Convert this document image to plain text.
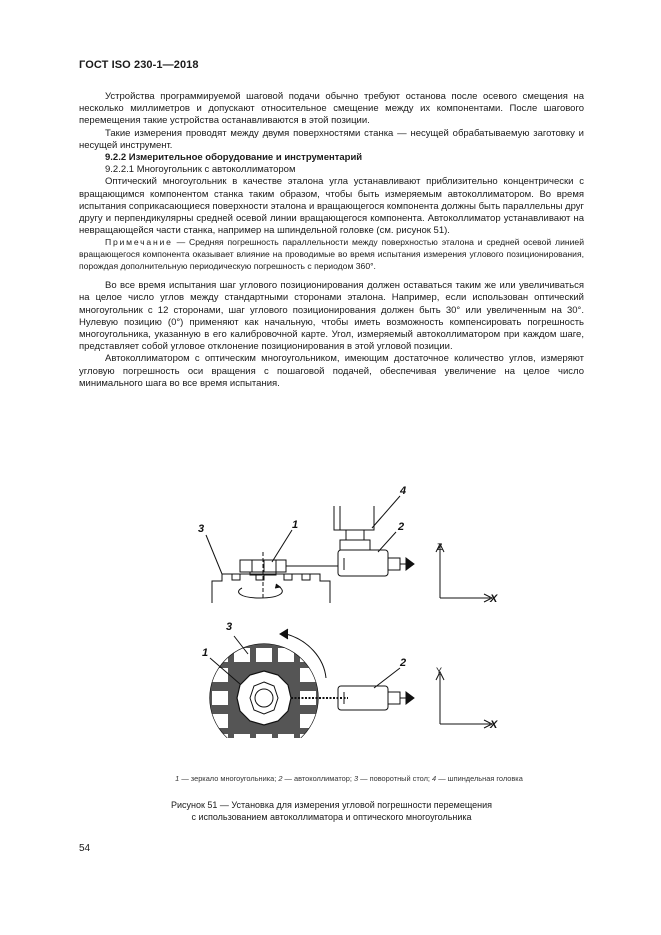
ГОСТ ISO 230-1—2018

Устройства программируемой шаговой подачи обычно требуют останова после осевого смещения на несколько миллиметров и допускают относительное смещение между их компонентами. После шагового перемещения такие устройства останавливаются в этой позиции.

Такие измерения проводят между двумя поверхностями станка — несущей обрабатываемую заготовку и несущей инструмент.

9.2.2 Измерительное оборудование и инструментарий
9.2.2.1 Многоугольник с автоколлиматором

Оптический многоугольник в качестве эталона угла устанавливают приблизительно концентрически с вращающимся компонентом станка таким образом, чтобы быть измеряемым автоколлиматором. Во время испытания соприкасающиеся поверхности эталона и вращающегося компонента должны быть параллельны друг другу и перпендикулярны средней осевой линии вращающегося компонента. Автоколлиматор устанавливают на невращающейся части станка, например на шпиндельной головке (см. рисунок 51).

Примечание — Средняя погрешность параллельности между поверхностью эталона и средней осевой линией вращающегося компонента оказывает влияние на проводимые во время испытания измерения углового позиционирования, порождая дополнительную периодическую погрешность с периодом 360°.

Во все время испытания шаг углового позиционирования должен оставаться таким же или увеличиваться на целое число углов между стандартными сторонами эталона. Например, если использован оптический многоугольник с 12 сторонами, шаг углового позиционирования должен быть 30° или увеличенным на 30°. Нулевую позицию (0°) применяют как начальную, чтобы иметь возможность компенсировать погрешность многоугольника, указанную в его калибровочной карте. Угол, измеряемый автоколлиматором при каждом шаге, представляет собой угловое отклонение позиционирования в этой угловой позиции.

Автоколлиматором с оптическим многоугольником, имеющим достаточное количество углов, измеряют угловую погрешность оси вращения с пошаговой подачей, обеспечивая увеличение на целое число минимального шага во все время испытания.

3	1
4
2
Z
X
3
1
2
Y
X
1 — зеркало многоугольника; 2 — автоколлиматор; 3 — поворотный стол; 4 — шпиндельная головка
Рисунок 51 — Установка для измерения угловой погрешности перемещения
с использованием автоколлиматора и оптического многоугольника
54
